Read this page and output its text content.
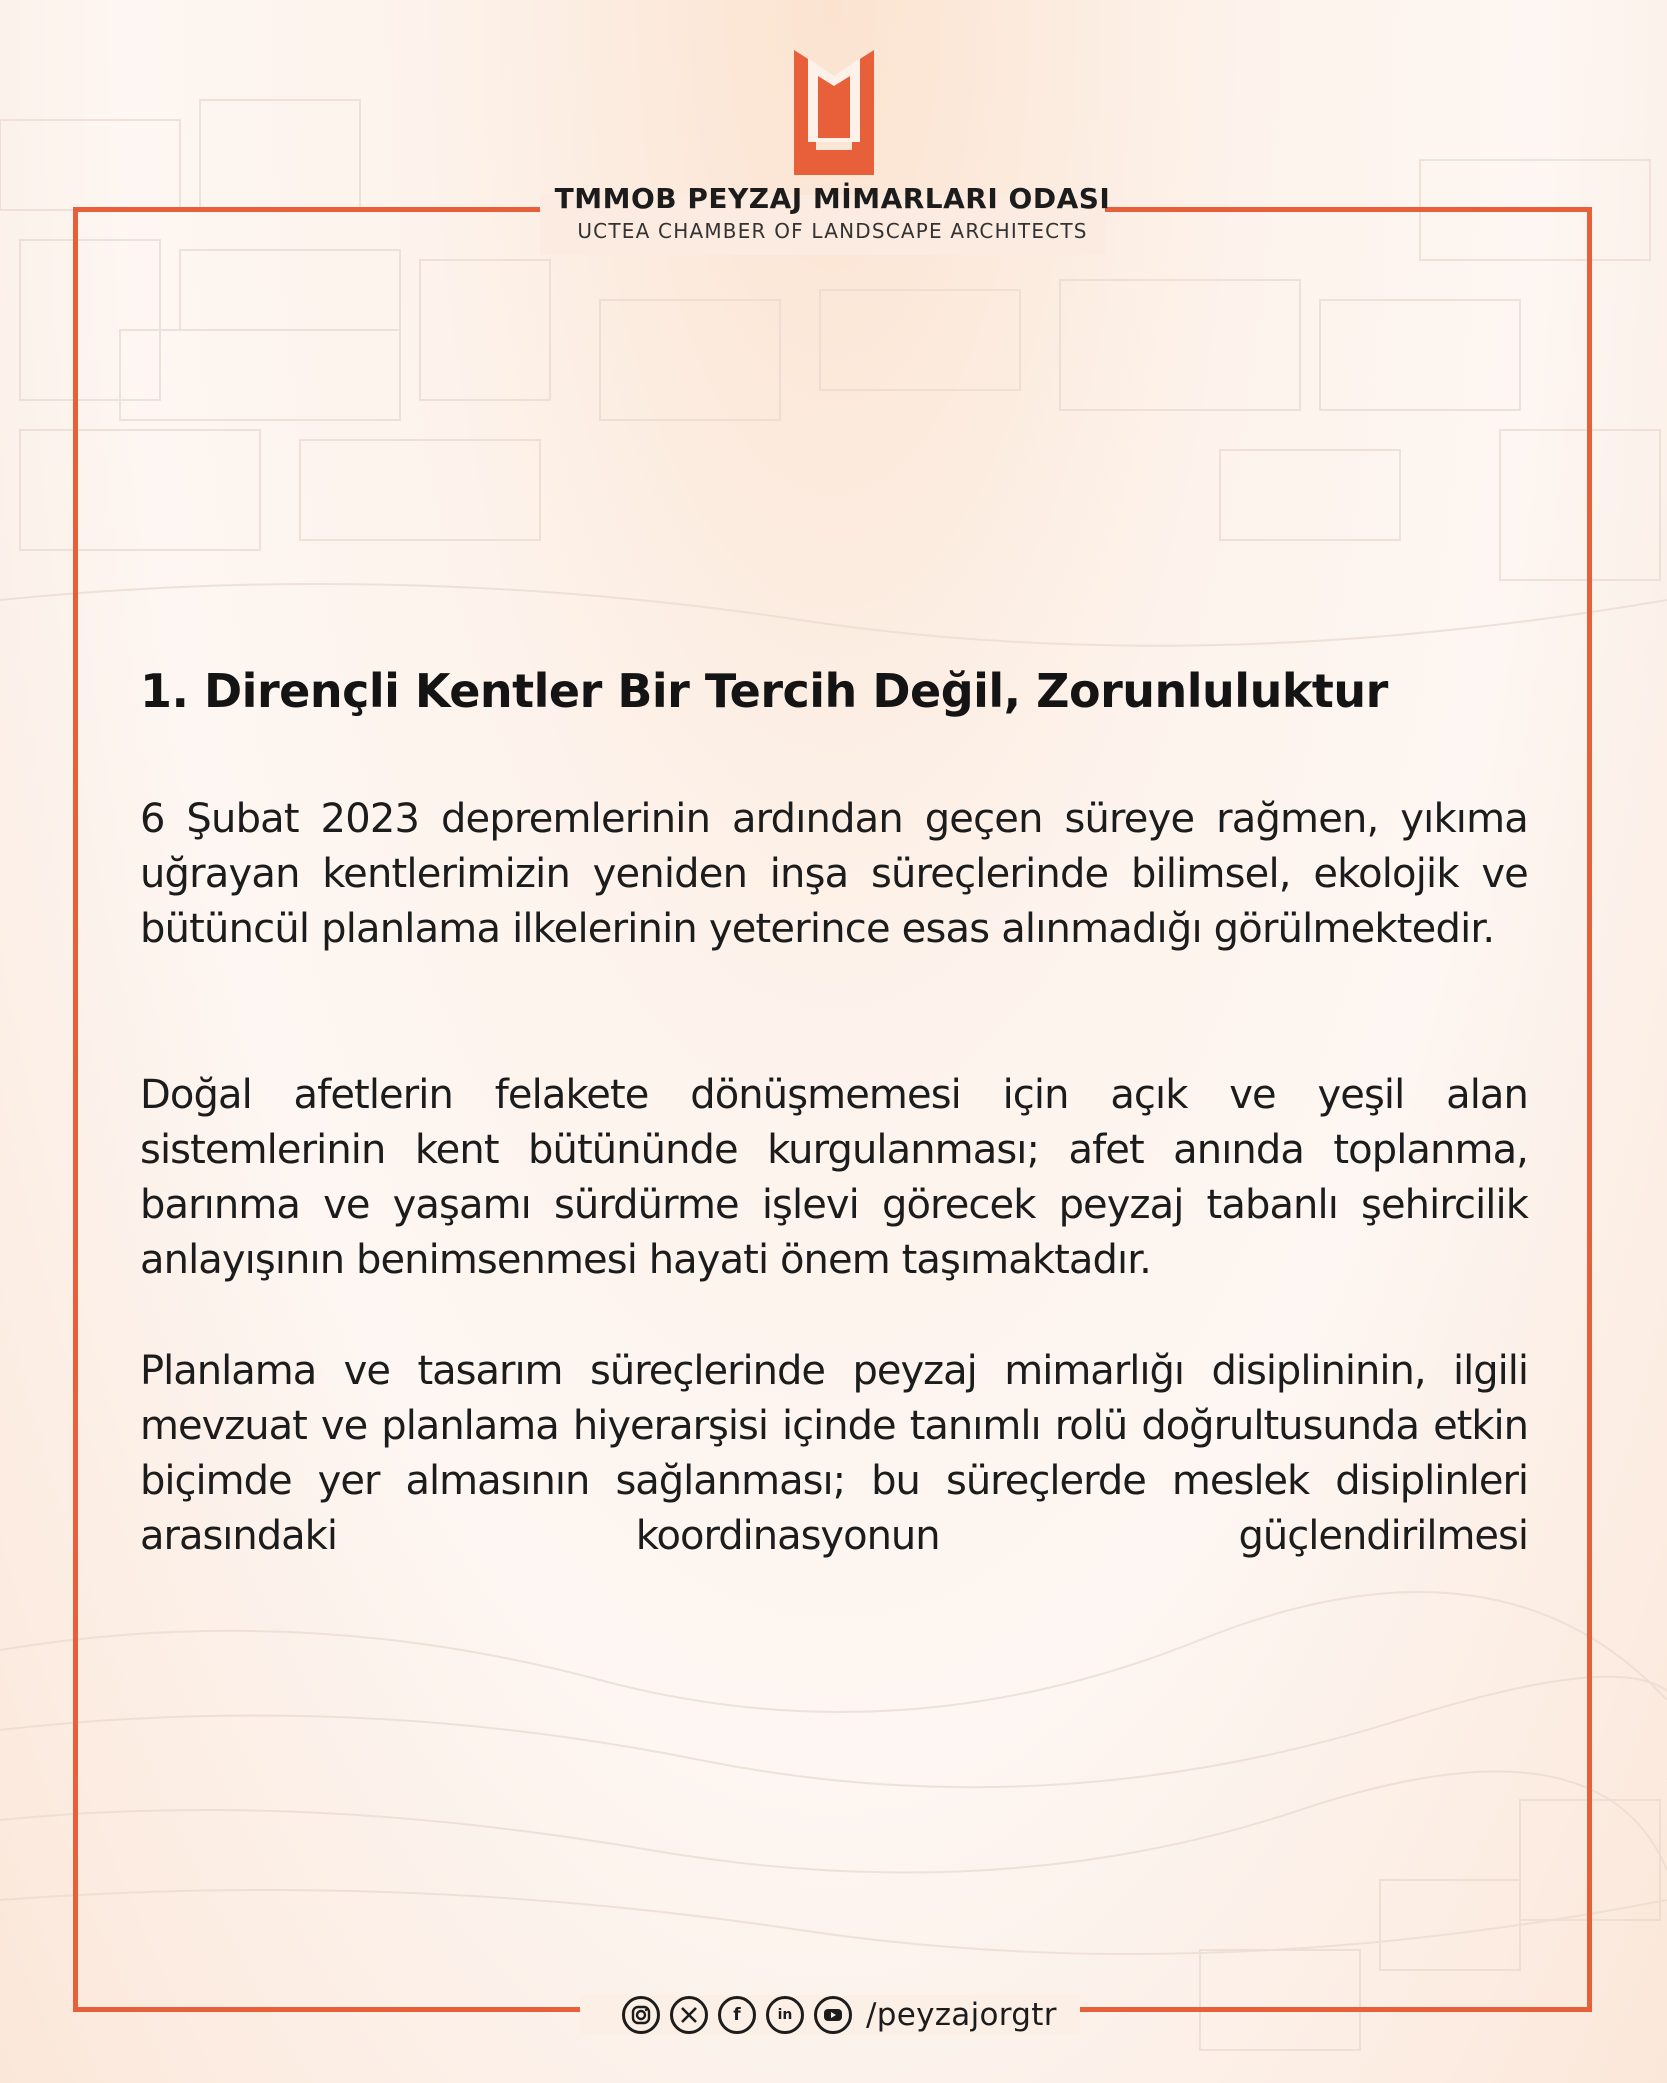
TMMOB PEYZAJ MİMARLARI ODASI
UCTEA CHAMBER OF LANDSCAPE ARCHITECTS
1. Dirençli Kentler Bir Tercih Değil, Zorunluluktur

6 Şubat 2023 depremlerinin ardından geçen süreye rağmen, yıkıma uğrayan kentlerimizin yeniden inşa süreçlerinde bilimsel, ekolojik ve bütüncül planlama ilkelerinin yeterince esas alınmadığı görülmektedir.

Doğal afetlerin felakete dönüşmemesi için açık ve yeşil alan sistemlerinin kent bütününde kurgulanması; afet anında toplanma, barınma ve yaşamı sürdürme işlevi görecek peyzaj tabanlı şehircilik anlayışının benimsenmesi hayati önem taşımaktadır.

Planlama ve tasarım süreçlerinde peyzaj mimarlığı disiplininin, ilgili mevzuat ve planlama hiyerarşisi içinde tanımlı rolü doğrultusunda etkin biçimde yer almasının sağlanması; bu süreçlerde meslek disiplinleri arasındaki koordinasyonun güçlendirilmesi

f	in	/peyzajorgtr
